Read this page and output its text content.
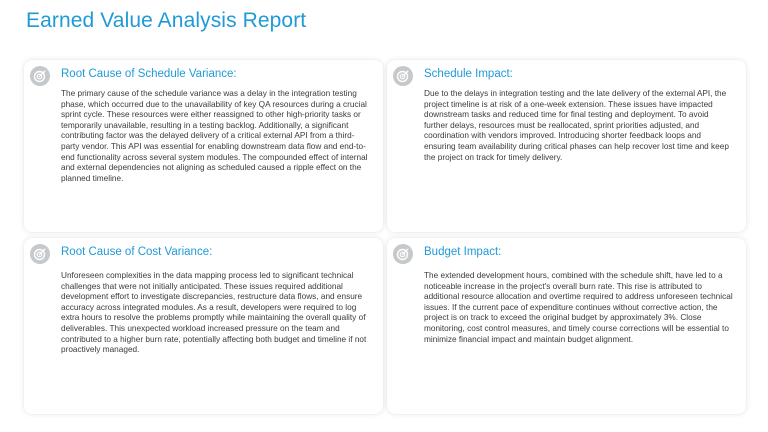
Earned Value Analysis Report
Root Cause of Schedule Variance:

The primary cause of the schedule variance was a delay in the integration testing phase, which occurred due to the unavailability of key QA resources during a crucial sprint cycle. These resources were either reassigned to other high-priority tasks or temporarily unavailable, resulting in a testing backlog. Additionally, a significant contributing factor was the delayed delivery of a critical external API from a third-party vendor. This API was essential for enabling downstream data flow and end-to-end functionality across several system modules. The compounded effect of internal and external dependencies not aligning as scheduled caused a ripple effect on the planned timeline.

Schedule Impact:

Due to the delays in integration testing and the late delivery of the external API, the project timeline is at risk of a one-week extension. These issues have impacted downstream tasks and reduced time for final testing and deployment. To avoid further delays, resources must be reallocated, sprint priorities adjusted, and coordination with vendors improved. Introducing shorter feedback loops and ensuring team availability during critical phases can help recover lost time and keep the project on track for timely delivery.

Root Cause of Cost Variance:

Unforeseen complexities in the data mapping process led to significant technical challenges that were not initially anticipated. These issues required additional development effort to investigate discrepancies, restructure data flows, and ensure accuracy across integrated modules. As a result, developers were required to log extra hours to resolve the problems promptly while maintaining the overall quality of deliverables. This unexpected workload increased pressure on the team and contributed to a higher burn rate, potentially affecting both budget and timeline if not proactively managed.

Budget Impact:

The extended development hours, combined with the schedule shift, have led to a noticeable increase in the project's overall burn rate. This rise is attributed to additional resource allocation and overtime required to address unforeseen technical issues. If the current pace of expenditure continues without corrective action, the project is on track to exceed the original budget by approximately 3%. Close monitoring, cost control measures, and timely course corrections will be essential to minimize financial impact and maintain budget alignment.
